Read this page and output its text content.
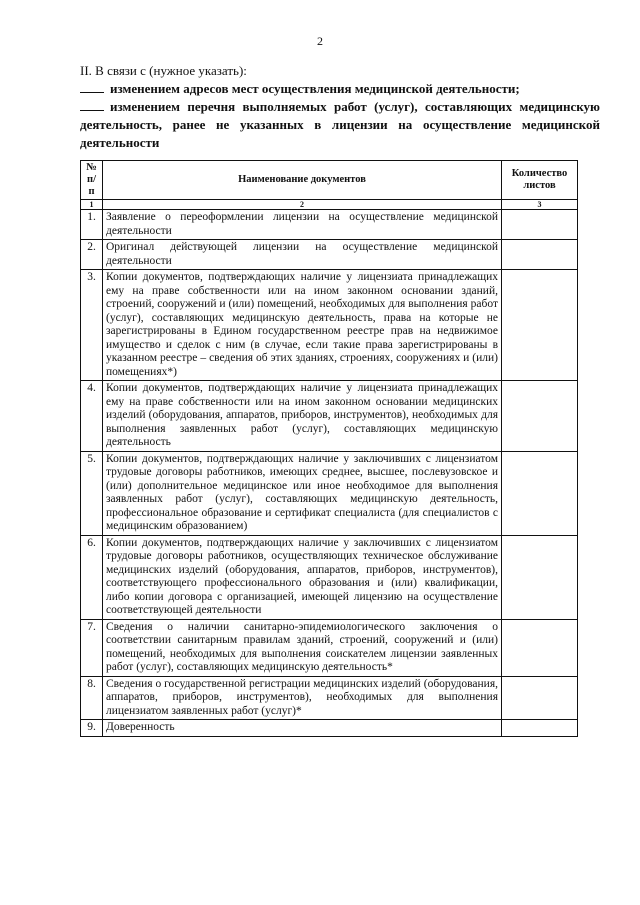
2
II. В связи с (нужное указать):
изменением адресов мест осуществления медицинской деятельности;
изменением перечня выполняемых работ (услуг), составляющих медицинскую деятельность, ранее не указанных в лицензии на осуществление медицинской деятельности
№ п/п	Наименование документов	Количество листов
1	2	3
1.	Заявление о переоформлении лицензии на осуществление медицинской деятельности	
2.	Оригинал действующей лицензии на осуществление медицинской деятельности	
3.	Копии документов, подтверждающих наличие у лицензиата принадлежащих ему на праве собственности или на ином законном основании зданий, строений, сооружений и (или) помещений, необходимых для выполнения работ (услуг), составляющих медицинскую деятельность, права на которые не зарегистрированы в Едином государственном реестре прав на недвижимое имущество и сделок с ним (в случае, если такие права зарегистрированы в указанном реестре – сведения об этих зданиях, строениях, сооружениях и (или) помещениях*)	
4.	Копии документов, подтверждающих наличие у лицензиата принадлежащих ему на праве собственности или на ином законном основании медицинских изделий (оборудования, аппаратов, приборов, инструментов), необходимых для выполнения заявленных работ (услуг), составляющих медицинскую деятельность	
5.	Копии документов, подтверждающих наличие у заключивших с лицензиатом трудовые договоры работников, имеющих среднее, высшее, послевузовское и (или) дополнительное медицинское или иное необходимое для выполнения заявленных работ (услуг), составляющих медицинскую деятельность, профессиональное образование и сертификат специалиста (для специалистов с медицинским образованием)	
6.	Копии документов, подтверждающих наличие у заключивших с лицензиатом трудовые договоры работников, осуществляющих техническое обслуживание медицинских изделий (оборудования, аппаратов, приборов, инструментов), соответствующего профессионального образования и (или) квалификации, либо копии договора с организацией, имеющей лицензию на осуществление соответствующей деятельности	
7.	Сведения о наличии санитарно-эпидемиологического заключения о соответствии санитарным правилам зданий, строений, сооружений и (или) помещений, необходимых для выполнения соискателем лицензии заявленных работ (услуг), составляющих медицинскую деятельность*	
8.	Сведения о государственной регистрации медицинских изделий (оборудования, аппаратов, приборов, инструментов), необходимых для выполнения лицензиатом заявленных работ (услуг)*	
9.	Доверенность	
